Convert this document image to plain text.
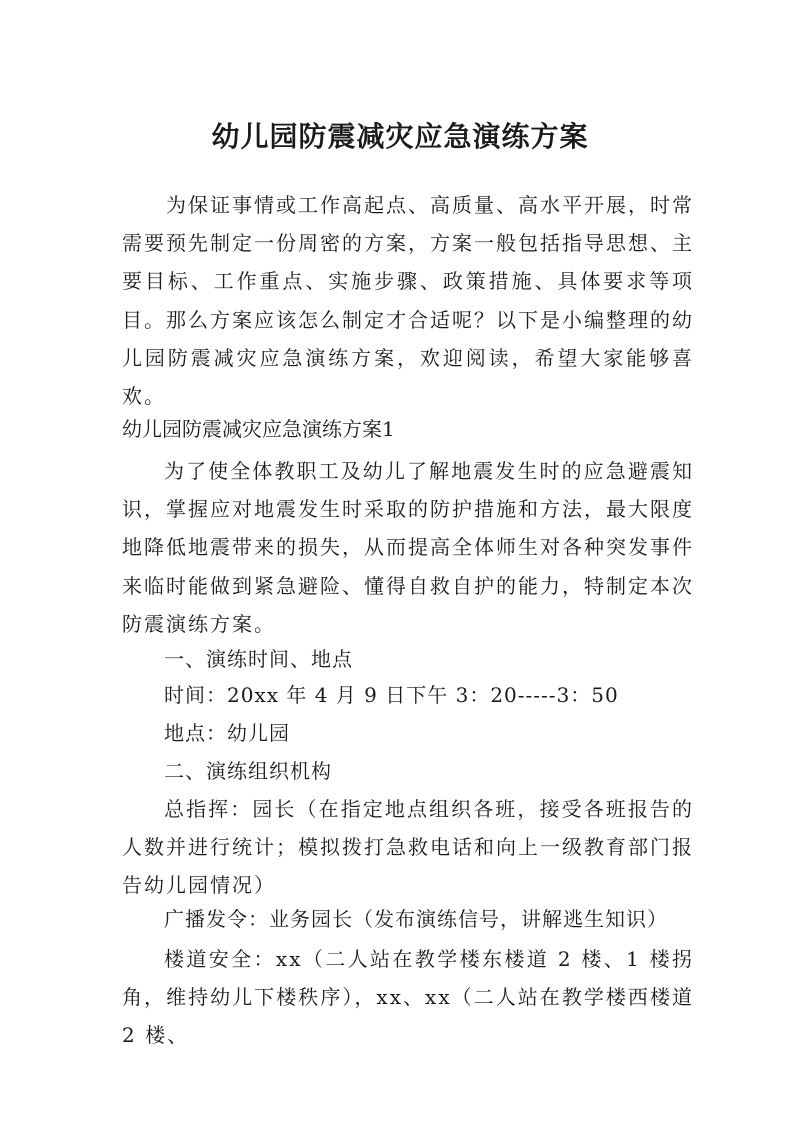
幼儿园防震减灾应急演练方案

为保证事情或工作高起点、高质量、高水平开展，时常需要预先制定一份周密的方案，方案一般包括指导思想、主要目标、工作重点、实施步骤、政策措施、具体要求等项目。那么方案应该怎么制定才合适呢？以下是小编整理的幼儿园防震减灾应急演练方案，欢迎阅读，希望大家能够喜欢。

幼儿园防震减灾应急演练方案1

为了使全体教职工及幼儿了解地震发生时的应急避震知识，掌握应对地震发生时采取的防护措施和方法，最大限度地降低地震带来的损失，从而提高全体师生对各种突发事件来临时能做到紧急避险、懂得自救自护的能力，特制定本次防震演练方案。

一、演练时间、地点

时间：20xx 年 4 月 9 日下午 3：20-----3：50

地点：幼儿园

二、演练组织机构

总指挥：园长（在指定地点组织各班，接受各班报告的人数并进行统计；模拟拨打急救电话和向上一级教育部门报告幼儿园情况）

广播发令：业务园长（发布演练信号，讲解逃生知识）

楼道安全：xx（二人站在教学楼东楼道 2 楼、1 楼拐角，维持幼儿下楼秩序），xx、xx（二人站在教学楼西楼道 2 楼、
